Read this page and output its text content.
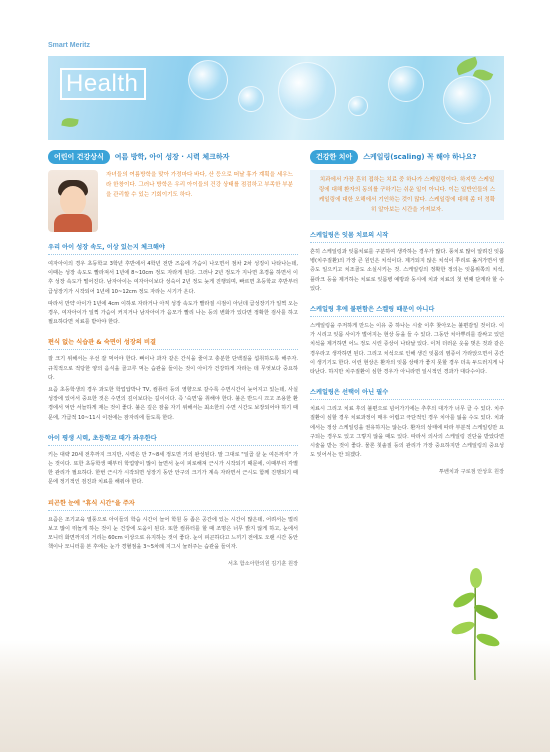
Smart Meritz
Health
어린이 건강상식	여름 방학, 아이 성장 · 시력 체크하자
자녀들의 여름방학을 맞아 가정마다 바다, 산 등으로 떠날 휴가 계획을 세우느라 한창이다. 그러나 방학은 우리 아이들의 건강 상태를 점검하고 부족한 부분을 관리할 수 있는 기회이기도 하다.
우리 아이 성장 속도, 이상 있는지 체크해야

여자아이의 경우 초등학교 3학년 후반에서 4학년 전반 즈음에 가슴이 나오면서 점차 2차 성징이 나타나는데, 이때는 성장 속도도 빨라져서 1년에 8~10cm 정도 자라게 된다. 그러나 2년 정도가 지나면 초경을 하면서 이후 성장 속도가 떨어진다. 남자아이는 여자아이보다 성숙이 2년 정도 늦게 진행되며, 빠르면 초등학교 후반부터 급성장기가 시작되어 1년에 10~12cm 정도 자라는 시기가 온다.

따라서 만약 아이가 1년에 4cm 이하로 자라거나 아직 성장 속도가 빨라질 시점이 아닌데 급성장기가 일찍 오는 경우, 여자아이가 일찍 가슴이 커지거나 남자아이가 음모가 빨리 나는 등의 변화가 있다면 정확한 검사를 하고 필요하다면 치료를 받아야 한다.

편식 없는 식습관 & 숙면이 성장의 비결

잘 크기 위해서는 우선 잘 먹어야 한다. 뼈이나 과자 같은 간식을 줄이고 충분한 단백질을 섭취하도록 해주자. 규칙적으로 적당한 양의 음식을 골고루 먹는 습관을 들이는 것이 아이가 건강하게 자라는 데 무엇보다 중요하다.

요즘 초등학생의 경우 과도한 학업압박나 TV, 컴퓨터 등의 영향으로 갈수록 수면시간이 늦어지고 있는데, 사실 성장에 있어서 중요한 것은 수면의 깊이보다는 길이이다. 즉 '숙면'을 취해야 한다. 불은 반드시 끄고 조용한 환경에서 억안 서늘하게 재는 것이 좋다. 불은 깊은 잠을 자기 위해서는 최소한의 수면 시간도 보장되어야 하기 때문에, 가급적 10~11시 이전에는 잠자리에 들도록 한다.

아이 평생 시력, 초등학교 때가 좌우한다

키는 대략 20세 전후까지 크지만, 시력은 만 7~8세 정도면 거의 완성된다. 말 그대로 "일곱 살 눈 여든까지" 가는 것이다. 또한 초등학생 때부터 학업양이 많이 늘면서 눈이 피로해져 근시가 시작되기 때문에, 이때부터 각별한 관리가 필요하다. 한번 근시가 시작되면 성장기 동안 안구의 크기가 계속 자라면서 근시도 함께 진행되기 때문에 정기적인 검진과 치료를 해줘야 한다.

피곤한 눈에 "휴식 시간"을 주자

요즘은 조기교육 열풍으로 아이들의 학습 시간이 늘어 학원 등 좁은 공간에 있는 시간이 많은데, 어려서는 멀리 보고 많이 뛰놀게 하는 것이 눈 건강에 도움이 된다. 또한 컴퓨터를 할 때 조명은 너무 밝지 않게 하고, 눈에서 모니터 화면까지의 거리는 60cm 이상으로 유지하는 것이 좋다. 눈이 피곤하다고 느끼기 전에도 오랜 시간 동안 책이나 모니터를 본 후에는 눈가 경혈점을 3~5차례 지그시 눌러주는 습관을 들이자.

서초 함소아한의원 김기훈 원장
건강한 치아	스케일링(scaling) 꼭 해야 하나요?
치과에서 가장 흔히 접하는 치료 중 하나가 스케일링이다. 하지만 스케일링에 대해 환자의 동의를 구하기는 쉬운 일이 아니다. 이는 일반인들의 스케일링에 대한 오해에서 기인하는 것이 많다. 스케일링에 대해 좀 더 정확히 알아보는 시간을 가져보자.
스케일링은 잇몸 치료의 시작

흔히 스케일링과 잇몸치료를 구분하여 생각하는 경우가 많다. 풍치로 많이 알려진 잇몸병(치주질환)의 가장 큰 원인은 치석이다. 제거되지 않은 치석이 쭈리로 옮겨가면서 염증도 일으키고 치조골도 소실시키는 것. 스케일링의 정확한 정의는 잇몸위쪽의 치석, 플라크 등을 제거하는 치료로 잇몸병 예방과 동시에 치과 치료의 첫 번째 단계라 할 수 있다.

스케일링 후에 불편함은 스켈링 때문이 아니다

스케일링을 주저하게 만드는 이유 중 하나는 시술 이후 찾아오는 불편감일 것이다. 이가 시리고 잇몸 사이가 벌어지는 현상 등을 들 수 있다. 그동안 치아뿌리를 감싸고 있던 치석을 제거하면 어느 정도 시린 증상이 나타날 있다. 이처 더러운 옷을 벗은 것과 같은 경우라고 생각하면 된다. 그리고 치석으로 인해 생긴 잇몸의 염증이 가라앉으면서 공간이 생기기도 한다. 이런 현상은 환자의 잇몸 상태가 좋지 못할 경우 더욱 두드러지게 나타난다. 하지만 치주질환이 심한 경우가 아니라면 일시적인 경과가 대다수이다.

스케일링은 선택이 아닌 필수

치료시 그리고 치료 후의 불편으로 넘어가기에는 추후의 대가가 너무 클 수 있다. 치주질환이 심할 경우 치료과정이 매우 어렵고 극단적인 경우 치아를 잃을 수도 있다. 치과에서는 정상 스케일링을 권유하지는 않는다. 환자의 상태에 따라 부분적 스케일링만 요구되는 경우도 있고 그렇지 않을 때도 있다. 따라서 의사의 스케일링 진단을 받았다면 시술을 받는 것이 좋다. 물론 칫솔질 등의 관리가 가장 중요하지만 스케일링의 중요성도 잊어서는 안 되겠다.

투벤치과 구로점 안상호 원장
